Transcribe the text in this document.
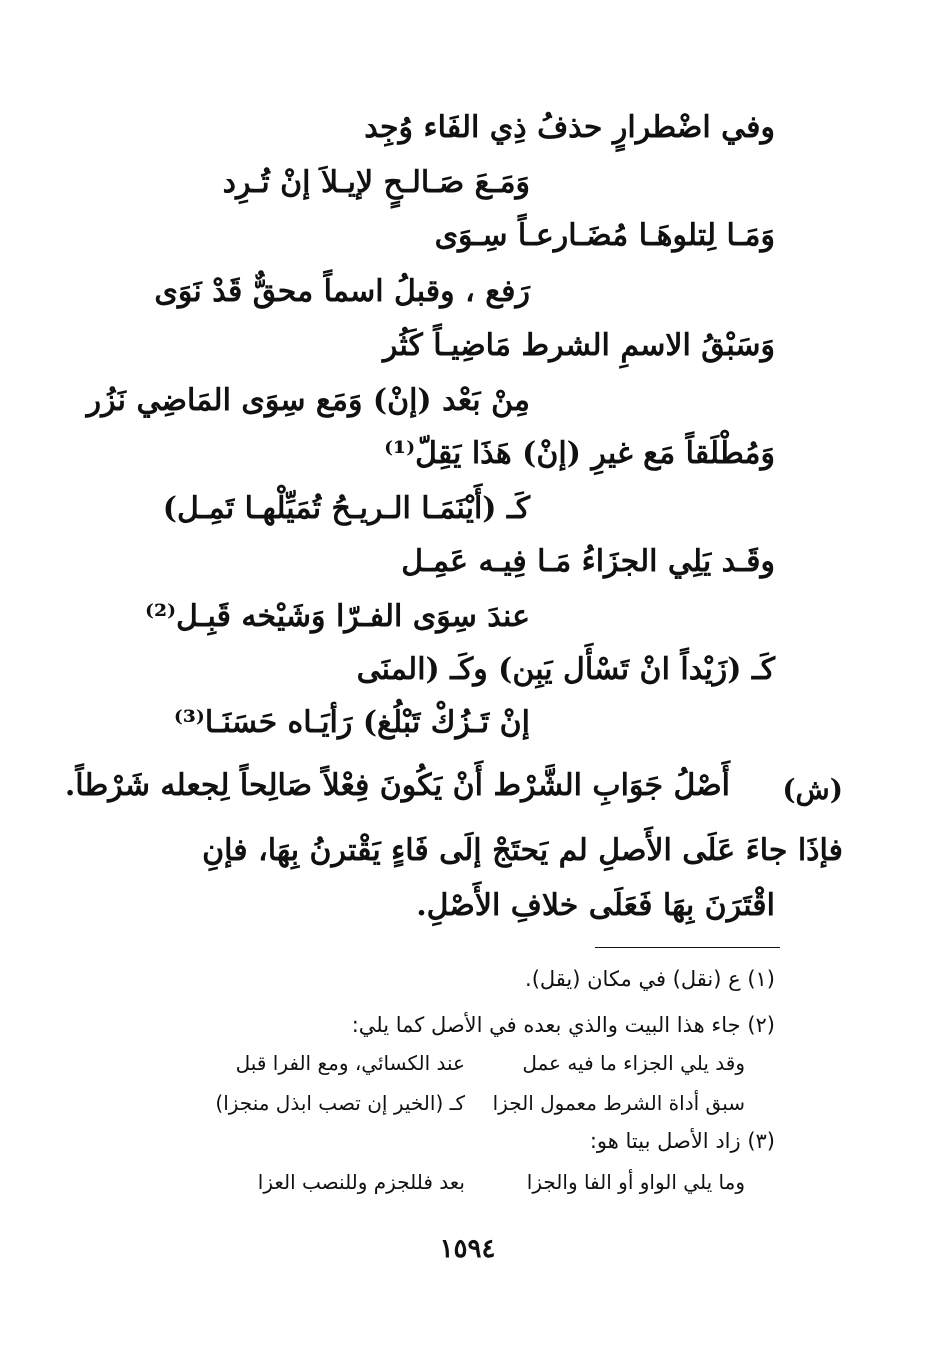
وفي اضْطرارٍ حذفُ ذِي الفَاء وُجِد
وَمَـعَ صَـالـحٍ لإيـلاَ إنْ تُـرِد
وَمَـا لِتلوهَـا مُضَـارعـاً سِـوَى
رَفع ، وقبلُ اسماً محقٌّ قَدْ نَوَى
وَسَبْقُ الاسمِ الشرط مَاضِيـاً كَثُر
مِنْ بَعْد (إنْ) وَمَع سِوَى المَاضِي نَزُر
وَمُطْلَقاً مَع غيرِ (إنْ) هَذَا يَقِلّ⁽¹⁾
كَـ (أَيْنَمَـا الـريـحُ تُمَيِّلْهـا تَمِـل)
وقَـد يَلِي الجزَاءُ مَـا فِيـه عَمِـل
عندَ سِوَى الفـرّا وَشَيْخه قَبِـل⁽²⁾
كَـ (زَيْداً انْ تَسْأَل يَبِن) وكَـ (المنَى
إنْ تَـزُكْ تَبْلُغ) رَأيَـاه حَسَنَـا⁽³⁾
(ش)
أَصْلُ جَوَابِ الشَّرْط أَنْ يَكُونَ فِعْلاً صَالِحاً لِجعله شَرْطاً.
فإذَا جاءَ عَلَى الأَصلِ لم يَحتَجْ إلَى فَاءٍ يَقْترنُ بِهَا، فإنِ
اقْتَرَنَ بِهَا فَعَلَى خلافِ الأَصْلِ.
(١) ع (نقل) في مكان (يقل).
(٢) جاء هذا البيت والذي بعده في الأصل كما يلي:
وقد يلي الجزاء ما فيه عمل
عند الكسائي، ومع الفرا قبل
سبق أداة الشرط معمول الجزا
كـ (الخير إن تصب ابذل منجزا)
(٣) زاد الأصل بيتا هو:
وما يلي الواو أو الفا والجزا
بعد فللجزم وللنصب العزا
١٥٩٤
